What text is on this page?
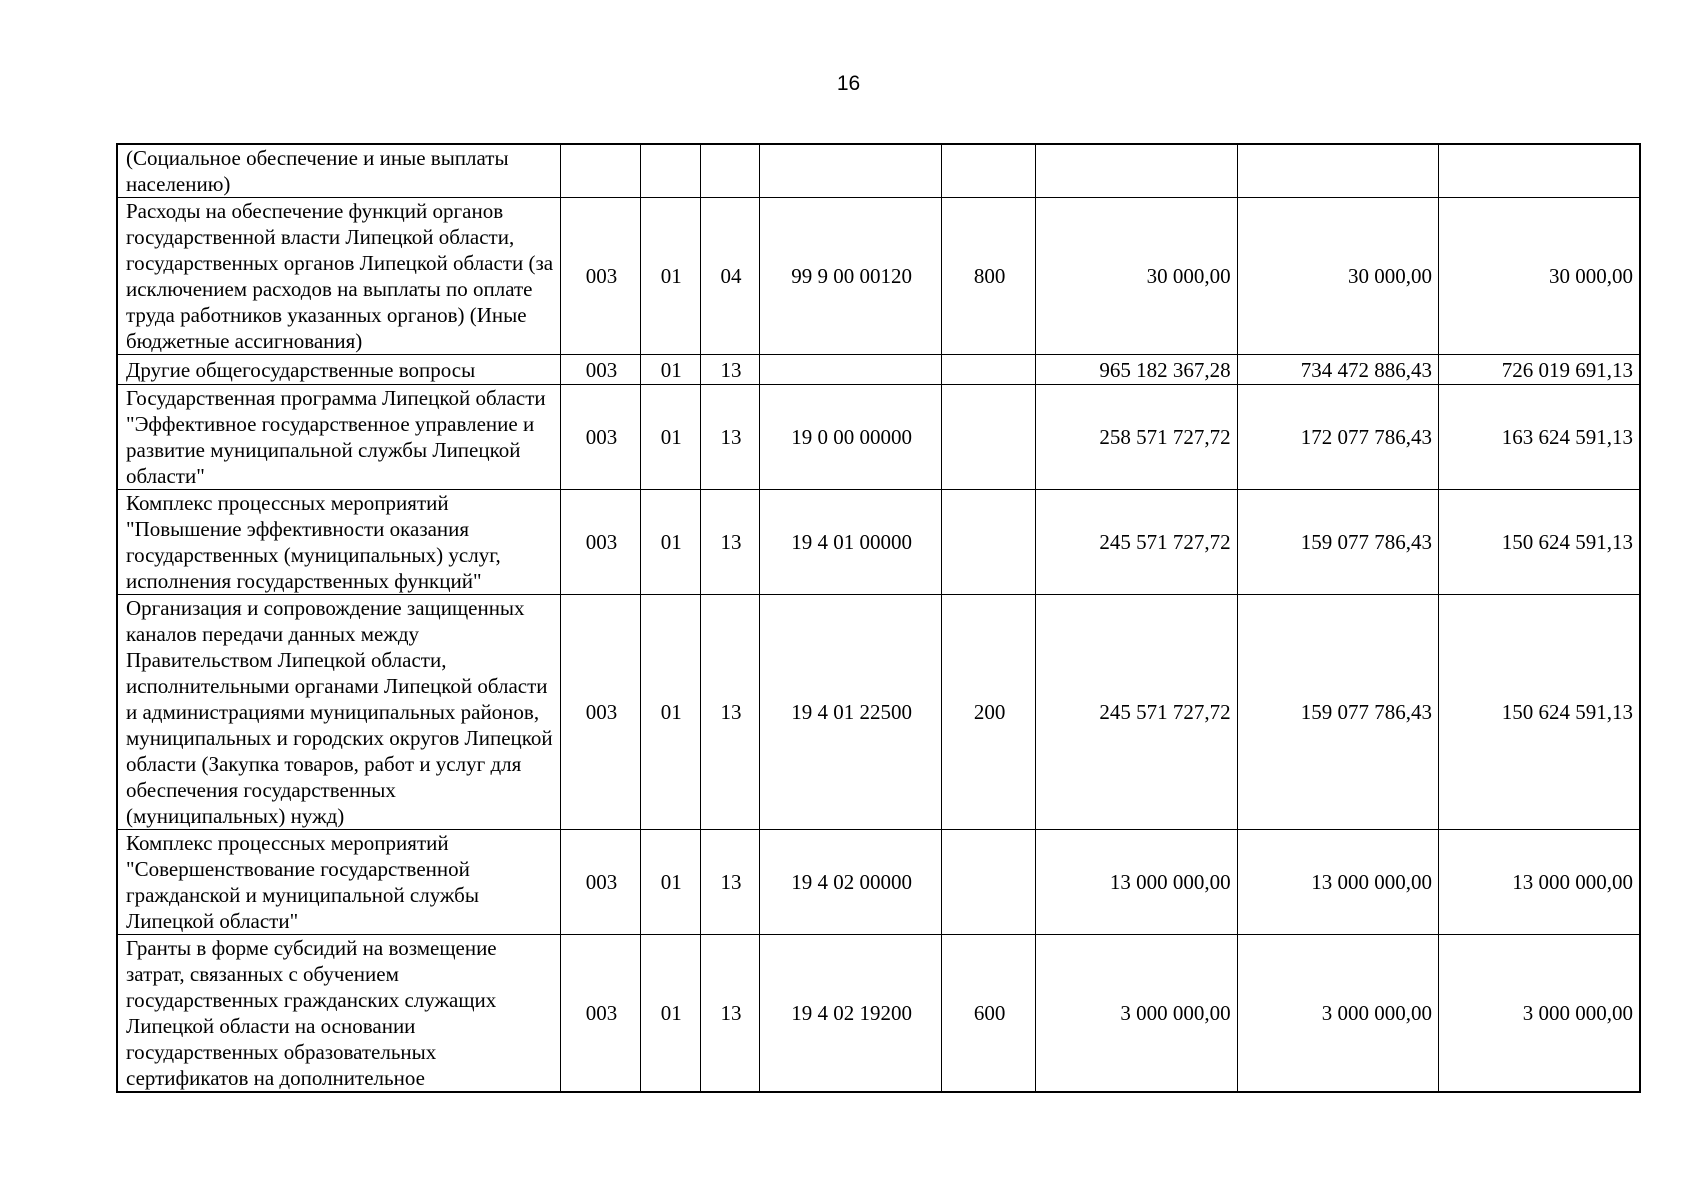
16
(Социальное обеспечение и иные выплаты населению)								
Расходы на обеспечение функций органов государственной власти Липецкой области, государственных органов Липецкой области (за исключением расходов на выплаты по оплате труда работников указанных органов) (Иные бюджетные ассигнования)	003	01	04	99 9 00 00120	800	30 000,00	30 000,00	30 000,00
Другие общегосударственные вопросы	003	01	13			965 182 367,28	734 472 886,43	726 019 691,13
Государственная программа Липецкой области "Эффективное государственное управление и развитие муниципальной службы Липецкой области"	003	01	13	19 0 00 00000		258 571 727,72	172 077 786,43	163 624 591,13
Комплекс процессных мероприятий "Повышение эффективности оказания государственных (муниципальных) услуг, исполнения государственных функций"	003	01	13	19 4 01 00000		245 571 727,72	159 077 786,43	150 624 591,13
Организация и сопровождение защищенных каналов передачи данных между Правительством Липецкой области, исполнительными органами Липецкой области и администрациями муниципальных районов, муниципальных и городских округов Липецкой области (Закупка товаров, работ и услуг для обеспечения государственных (муниципальных) нужд)	003	01	13	19 4 01 22500	200	245 571 727,72	159 077 786,43	150 624 591,13
Комплекс процессных мероприятий "Совершенствование государственной гражданской и муниципальной службы Липецкой области"	003	01	13	19 4 02 00000		13 000 000,00	13 000 000,00	13 000 000,00
Гранты в форме субсидий на возмещение затрат, связанных с обучением государственных гражданских служащих Липецкой области на основании государственных образовательных сертификатов на дополнительное	003	01	13	19 4 02 19200	600	3 000 000,00	3 000 000,00	3 000 000,00
